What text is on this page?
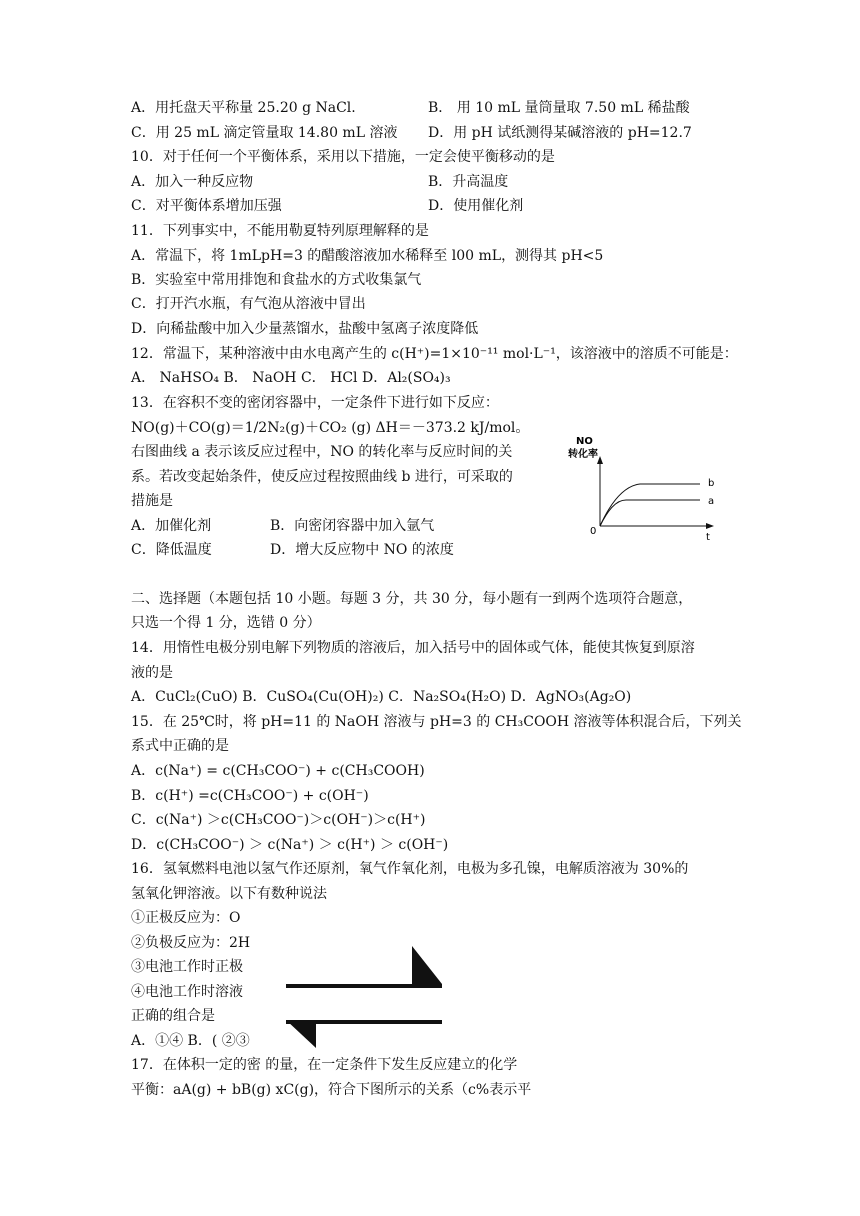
A．用托盘天平称量 25.20 g NaCl.	B． 用 10 mL 量筒量取 7.50 mL 稀盐酸
C．用 25 mL 滴定管量取 14.80 mL 溶液 D．用 pH 试纸测得某碱溶液的 pH=12.7
10．对于任何一个平衡体系，采用以下措施，一定会使平衡移动的是
A．加入一种反应物	B．升高温度
C．对平衡体系增加压强	D．使用催化剂
11．下列事实中，不能用勒夏特列原理解释的是
A．常温下，将 1mLpH=3 的醋酸溶液加水稀释至 l00 mL，测得其 pH<5
B．实验室中常用排饱和食盐水的方式收集氯气
C．打开汽水瓶，有气泡从溶液中冒出
D．向稀盐酸中加入少量蒸馏水，盐酸中氢离子浓度降低
12．常温下，某种溶液中由水电离产生的 c(H⁺)=1×10⁻¹¹ mol·L⁻¹，该溶液中的溶质不可能是：
A． NaHSO₄ B． NaOH C． HCl D．Al₂(SO₄)₃
13．在容积不变的密闭容器中，一定条件下进行如下反应：
NO(g)＋CO(g)＝1/2N₂(g)＋CO₂ (g) ΔH＝－373.2 kJ/mol。
右图曲线 a 表示该反应过程中，NO 的转化率与反应时间的关
系。若改变起始条件，使反应过程按照曲线 b 进行，可采取的
措施是
A．加催化剂	B．向密闭容器中加入氩气
C．降低温度	D．增大反应物中 NO 的浓度
二、选择题（本题包括 10 小题。每题 3 分，共 30 分，每小题有一到两个选项符合题意，
只选一个得 1 分，选错 0 分）
14．用惰性电极分别电解下列物质的溶液后，加入括号中的固体或气体，能使其恢复到原溶
液的是
A．CuCl₂(CuO) B．CuSO₄(Cu(OH)₂) C．Na₂SO₄(H₂O) D．AgNO₃(Ag₂O)
15．在 25℃时，将 pH=11 的 NaOH 溶液与 pH=3 的 CH₃COOH 溶液等体积混合后，下列关
系式中正确的是
A．c(Na⁺) = c(CH₃COO⁻) + c(CH₃COOH)
B．c(H⁺) =c(CH₃COO⁻) + c(OH⁻)
C．c(Na⁺) ＞c(CH₃COO⁻)＞c(OH⁻)＞c(H⁺)
D．c(CH₃COO⁻) ＞ c(Na⁺) ＞ c(H⁺) ＞ c(OH⁻)
16．氢氧燃料电池以氢气作还原剂，氧气作氧化剂，电极为多孔镍，电解质溶液为 30%的
氢氧化钾溶液。以下有数种说法
①正极反应为：O
②负极反应为：2H
③电池工作时正极
④电池工作时溶液
正确的组合是
A．①④ B．( ②③
17．在体积一定的密 的量，在一定条件下发生反应建立的化学
平衡：aA(g) + bB(g) xC(g)，符合下图所示的关系（c%表示平
NO
转化率
0
t
b
a
